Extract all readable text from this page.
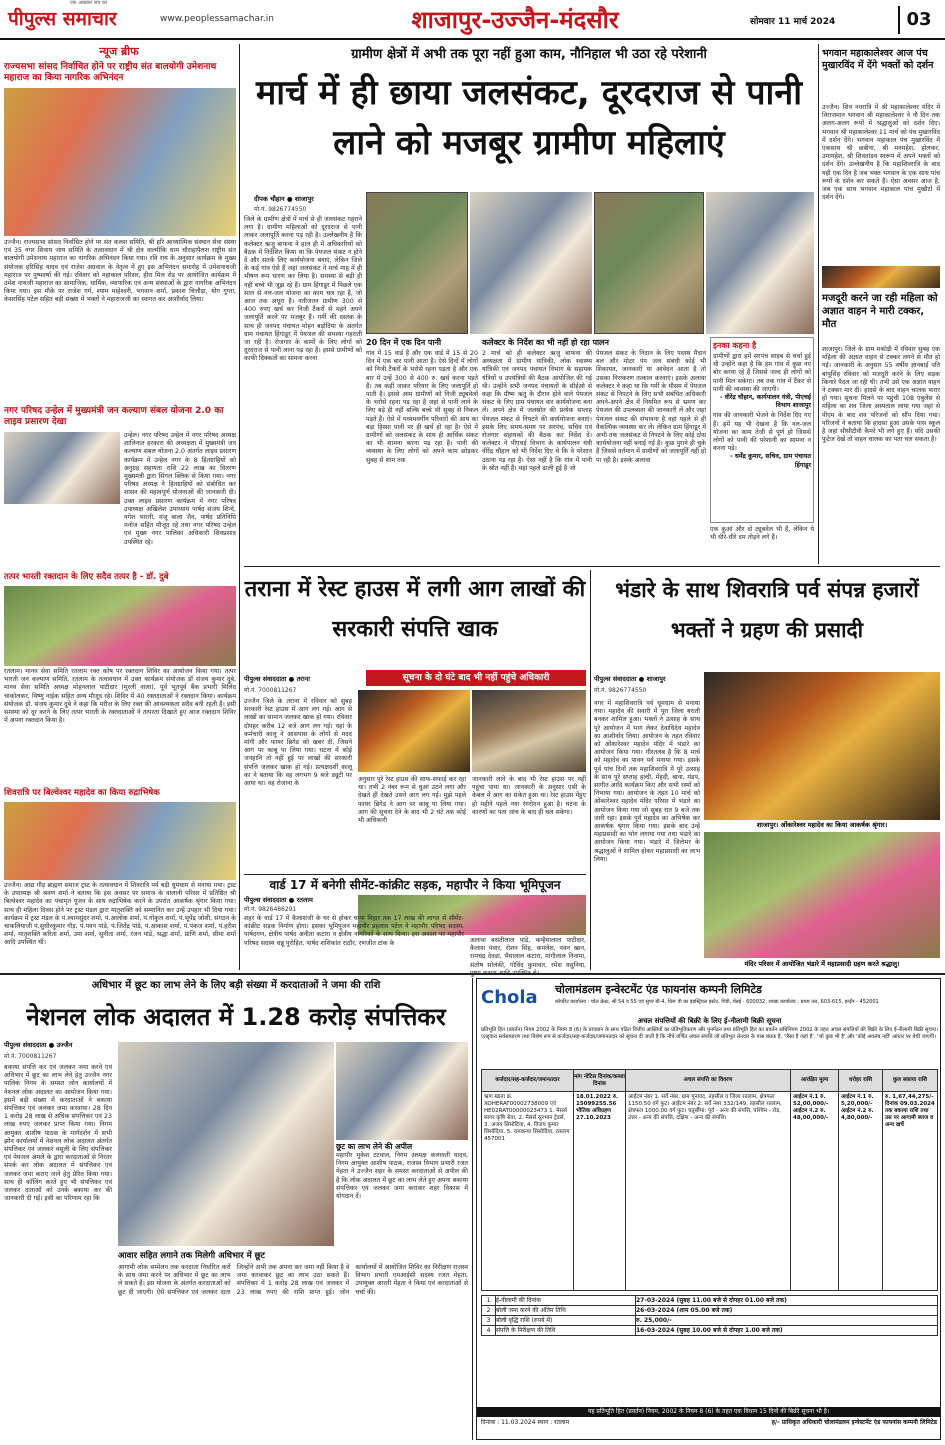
पीपुल्स समाचार
एक अखबार सच का
www.peoplessamachar.in	शाजापुर-उज्जैन-मंदसौर	सोमवार 11 मार्च 2024	03
न्यूज ब्रीफ
राज्यसभा सांसद निर्वाचित होने पर राष्ट्रीय संत बालयोगी उमेशनाथ महाराज का किया नागरिक अभिनंदन
उज्जैन। राज्यसभा सांसद निर्वाचित होने पर संत कलश समिति, श्री हरि आध्यात्मिक संस्थान सेवा संस्था एवं 35 नगर शिवाय जाय समिति के तत्वावधान में श्री क्षेत्र वाल्मीकि धाम चौराहापैलश राष्ट्रीय संत बालयोगी उमेशनाथ महाराज का नागरिक अभिनंदन किया गया। रवि राय के अनुसार कार्यक्रम के मुख्य संयोजक हरिसिंह यादव एवं राजेश अग्रवाल के नेतृत्व में हुए इस अभिनंदन समारोह में उमेशनाथजी महाराज पर पुष्पवर्षा की गई। रविवार को महाकाल परिसर, हीरा मिल रोड पर आयोजित कार्यक्रम में उमेश नाथजी महाराज का सामाजिक, धार्मिक, व्यापारिक एवं अन्य संस्थाओं के द्वारा नागरिक अभिनंदन किया गया। इस मौके पर राजेश गर्ग, श्याम माहेश्वरी, भगवान शर्मा, प्रकाश चित्तौड़ा, योग गुप्ता, केसरसिंह पटेल सहित बड़ी संख्या में भक्तों ने महाराजजी का स्वागत कर आशीर्वाद लिया।
नगर परिषद उन्हेल में मुख्यमंत्री जन कल्याण संबल योजना 2.0 का लाइव प्रसारण देखा
उन्हेल। नगर परिषद उन्हेल में नगर परिषद अध्यक्ष शालिनात हरकारा की अध्यक्षता में मुख्यमंत्री जन कल्याण संबल योजना 2.0 अंतर्गत लाइव प्रसारण कार्यक्रम में उन्हेल नगर के 8 हितग्राहियों को अनुग्रह सहायता राशि 22 लाख का वितरण मुख्यमंत्री द्वारा सिंगल क्लिक से किया गया। नगर परिषद अध्यक्ष ने हितग्राहियों को संबोधित कर शासन की महत्वपूर्ण योजनाओं की जानकारी दी। उक्त लाइव प्रसारण कार्यक्रम में नगर परिषद उपाध्यक्ष अखिलेश उपाध्याय पार्षद संजय शिन्दे, नगेश भारती, मंजू बाला जैन, पार्षद प्रतिनिधि मनोज सहित मौजूद रहे तथा नगर परिषद उन्हेल एवं मुख्य नगर पालिका अधिकारी शिवप्रसाद उपस्थित रहे।
तत्पर भारती रक्तदान के लिए सदैव तत्पर है - डॉ. दुबे
रतलाम। मानव सेवा समिति रतलाम रक्त कोष पर रक्तदान शिविर का आयोजन किया गया। तत्पर भारती जन कल्याण समिति, रतलाम के तत्वावधान में उक्त कार्यक्रम संयोजक डॉ संजय कुमार दुबे, मानव सेवा समिति अध्यक्ष मोहनलाल पाटीदार (मुरली वाला), पूर्व भूतपूर्व बैंक प्रभारी मिलिंद चाकोलकर, विष्णु नाईक सहित अन्य मौजूद रहे। शिविर में 40 रक्तदाताओं ने रक्तदान किया। कार्यक्रम संयोजक डॉ. संजय कुमार दुबे ने कहा कि मरीज के लिए रक्त की आवश्यकता सदैव बनी रहती है। इसी समस्या को दूर करने के लिए तत्पर भारती के रक्तदाताओं ने तत्परता दिखाते हुए आज रक्तदान शिविर में अपना रक्तदान किया है।
शिवरात्रि पर बिल्वेश्वर महादेव का किया रुद्राभिषेक
उज्जैन। आद्य गौड़ ब्राह्मण समाज ट्रस्ट के तत्वावधान में शिवरात्रि पर्व बड़ी धूमधाम से मनाया गया। ट्रस्ट के उपाध्यक्ष श्री श्रवण शर्मा ने बताया कि इस अवसर पर समाज के वालानी परिसर में प्रतिष्ठित श्री बिल्वेश्वर महादेव का पंचामृत पूजन के साथ रुद्राभिषेक करने के उपरांत आकर्षक श्रृंगार किया गया। साथ ही महिला दिवस होने पर ट्रस्ट मंडल द्वारा मातृशक्ति को सम्मानित कर उन्हें उपहार भी दिया गया। कार्यक्रम में ट्रस्ट मंडल के पं.श्यामसुंदर शर्मा, पं.आलोक शर्मा, पं.गोकुल शर्मा, पं.भूपेंद्र जोशी, संगठन के चाकलियाजी पं.सुधीरकुमार गौड़, पं.पवन पांडे, पं.जितेंद्र पांडे, पं.आकाश शर्मा, पं.पंकज शर्मा, पं.हरीश शर्मा, मातृशक्ति करिता शर्मा, उमा शर्मा, सुनीता शर्मा, रंजन पांडे, श्रद्धा शर्मा, प्राणि शर्मा, सीमा शर्मा आदि उपस्थित थीं।
ग्रामीण क्षेत्रों में अभी तक पूरा नहीं हुआ काम, नौनिहाल भी उठा रहे परेशानी
मार्च में ही छाया जलसंकट, दूरदराज से पानी लाने को मजबूर ग्रामीण महिलाएं
दीपक चौहान ● शाजापुर
मो.नं. 9826774550
जिले के ग्रामीण क्षेत्रों में मार्च से ही जलसंकट गहराने लगा है। ग्रामीण महिलाओं को दूरदराज से पानी लाकर जलापूर्ति करना पड़ रही है। उल्लेखनीय है कि कलेक्टर ऋजु बाफना ने हाल ही में अधिकारियों को बैठक में निर्देशित किया था कि पेयजल संकट न होने दें और सतर्क लिए कार्ययोजना बनाएं, लेकिन जिले के कई गांव ऐसे हैं जहां जलसंकट ने मार्च माह में ही भीषण रूप धारण कर लिया है। समस्या से बड़ी ही नहीं बच्चे भी जूझ रहे हैं। ग्राम हिंगाडूर में पिछले एक साल से नल-जल योजना का काम चल रहा है, जो आज तक अधूरा है। नतीजतन ग्रामीण 300 से 400 रुपए खर्च कर निजी टैंकरों से महंगे अपने जलापूर्ति करने पर मजबूर हैं। गर्मी की दस्तक के साथ ही जनपद पंचायत मोहन बड़ोदिया के अंतर्गत ग्राम पंचायत हिंगाडूर में पेयजल की समस्या गहराती जा रही है। रोजगार के कामों के लिए लोगों को दूरदराज से पानी लाना पड़ रहा है। इससे ग्रामीणों को काफी दिक्कतों का सामना करना
20 दिन में एक दिन पानी
गांव में 15 वार्ड हैं और एक वार्ड में 15 से 20 दिन में एक बार पानी आता है। ऐसे दिनों में लोगों को निजी टैंकरों के भरोसे रहना पड़ता है और एक बार में उन्हें 300 से 400 रु. खर्च करना पड़ते हैं। तब कहीं जाकर परिवार के लिए जलापूर्ति हो पाती है। इससे आम ग्रामीणों को निजी ट्यूबवेलों के भरोसे रहना पड़ रहा है जहां से पानी लाने के लिए बड़े ही नहीं बल्कि बच्चे भी सुबह से निकल पड़ते हैं। ऐसे में मध्यमवर्गीय परिवारों की आय का बड़ा हिस्सा पानी पर ही खर्च हो रहा है। ऐसे में ग्रामीणों को जलसंकट के साथ ही आर्थिक संकट का भी सामना करना पड़ रहा है। पानी की व्यवस्था के लिए लोगों को अपने काम छोड़कर सुबह से शाम तक
कलेक्टर के निर्देश का भी नहीं हो रहा पालन
2 मार्च को ही कलेक्टर ऋजु बाफना की अध्यक्षता में ग्रामीण यांत्रिकी, लोक स्वास्थ्य यांत्रिकी एवं जनपद पंचायत विभाग के सहायक यंत्रियों व उपयंत्रियों की बैठक आयोजित की गई थी। उन्होंने सभी जनपद पंचायतों के सीईओ से कहा कि ग्रीष्म ऋतु के दौरान होने वाले पेयजल संकट के लिए ग्राम पंचायत वार कार्ययोजना बना लें। अपने क्षेत्र में जलस्रोत की प्रत्येक सप्ताह पेयजल संकट से निपटने की कार्ययोजना बनाएं। इसके लिए समय-समय पर सरपंच, सचिव एवं रोजगार सहायकों की बैठक कर निर्देश दें। कलेक्टर ने पीएचई विभाग के कार्यपालन यंत्री वीरेंद्र चौहान को भी निर्देश दिए थे कि वे परेशान उठाना पड़ रहा है। ऐसा नहीं है कि गांव में पानी के स्रोत नहीं हैं। यहां पहले ढाली हुई है जो
पेयजल संकट के निदान के लिए पदस्थ मैदान बल और मोटर पंप जल संबंधी कोई भी शिकायत, जानकारी या आवेदन आता है तो उसका निराकरण तत्काल करवाएं। इसके अलावा कलेक्टर ने कहा था कि गर्मी के मौसम में पेयजल संकट से निपटने के लिए सभी संबंधित अधिकारी अपने-अपने क्षेत्र में नियमित रूप से भ्रमण कर पेयजल की उपलब्धता की जानकारी लें और जहां पेयजल संकट की संभावना है वहां पहले से ही वैकल्पिक व्यवस्था कर लें। लेकिन ग्राम हिंगाडूर में अभी तक जलसंकट से निपटने के लिए कोई ठोस कार्ययोजना नहीं बनाई गई है। कुछ पुराने ही चुके हैं जिससे वर्तमान में ग्रामीणों को जलापूर्ति नहीं हो पा रही है। इसके अलावा
इनका कहना है
ग्रामीणों द्वारा हमें सरपंच साहब से चर्चा हुई थी उन्होंने कहा है कि हम गांव में कुछ नए बोर करवा रहे हैं जिससे जल्द ही लोगों को पानी मिल सकेगा। तब तक गांव में टैंकर से पानी की व्यवस्था की जाएगी।
- वीरेंद्र चौहान, कार्यपालन यंत्री, पीएचई विभाग शाजापुर
गांव की जानकारी भेजने के निर्देश दिए गए हैं। हमें यह भी देखना है कि नल-जल योजना का काम तेजी से पूर्ण हो जिससे लोगों को पानी की परेशानी का सामना न करना पड़े।
- धर्मेंद्र कुमार, सचिव, ग्राम पंचायत हिंगाडूर
एक कुआं और दो ट्यूबवेल भी हैं, लेकिन ये भी धीरे-धीरे दम तोड़ने लगे हैं।
भगवान महाकालेश्वर आज पंच मुखारविंद में देंगे भक्तों को दर्शन
उज्जैन। शिव नवरात्रि में श्री महाकालेश्वर मंदिर में विराजमान भगवान श्री महाकालेश्वर ने नौ दिन तक अलग-अलग रूपों में श्रद्धालुओं को दर्शन दिए। भगवान श्री महाकालेश्वर 11 मार्च को पंच मुखारविंद में दर्शन देंगे। भगवान महाकाल पंच मुखारविंद में एकसाथ श्री छबीना, श्री मनमहेश, होलकर, उमामहेश, श्री शिवतांडव स्वरूप में अपने भक्तों को दर्शन देंगे। उल्लेखनीय है कि महाशिवरात्रि के बाद यही एक दिन है जब भक्त भगवान के एक साथ पांच रूपों के दर्शन कर सकते हैं। ऐसा अवसर आज है, जब एक साथ भगवान महाकाल पांच मुखौटों में दर्शन देंगे।
मजदूरी करने जा रही महिला को अज्ञात वाहन ने मारी टक्कर, मौत
शाजापुर। जिले के ग्राम मकोड़ी में रविवार सुबह एक महिला की अज्ञात वाहन से टक्कर लगने से मौत हो गई। जानकारी के अनुसार 55 वर्षीय ज्ञानबाई पति बापूसिंह रविवार को मजदूरी करने के लिए सड़क किनारे पैदल जा रही थी। तभी उसे एक अज्ञात वाहन ने टक्कर मार दी। हादसे के बाद वाहन चालक फरार हो गया। सूचना मिलने पर पहुंची 108 एंबुलेंस से महिला का शव जिला अस्पताल लाया गया जहां से पीएम के बाद शव परिजनों को सौंप दिया गया। परिजनों ने बताया कि हादसा हुआ उसके पास स्कूल है जहां सीसीटीवी कैमरे भी लगे हुए हैं। यदि उसकी फुटेज देखें तो वाहन चालक का पता चल सकता है।
तराना में रेस्ट हाउस में लगी आग लाखों की सरकारी संपत्ति खाक
पीपुल्स संवाददाता ● तराना
मो.नं. 7000811267
सूचना के दो घंटे बाद भी नहीं पहुंचे अधिकारी
उज्जैन जिले के तराना में रविवार को सुबह सरकारी रेस्ट हाउस में आग लग गई। आग से लाखों का सामान जलकर खाक हो गया। रविवार दोपहर करीब 12 बजे आग लग गई। वहां के कर्मचारी कालू ने आसपास के लोगों से मदद मांगी और फायर ब्रिगेड को खबर दी, जिसने आग पर काबू पा लिया गया। घटना में कोई जनहानि तो नहीं हुई पर लाखों की सरकारी संपत्ति जलकर खाक हो गई। प्रत्यक्षदर्शी कालू का ने बताया कि वह लगभग 9 बजे ड्यूटी पर आया था। वह रोजाना के
अनुसार पूरे रेस्ट हाउस की साफ-सफाई कर रहा था। तभी 2 नंबर रूम से धुआं उठने लगा और देखते ही देखते उसने आग लग गई। मुझे पहले फायर ब्रिगेड ने आग पर काबू पा लिया गया। आग की सूचना देने के बाद भी 2 घंटे तक कोई भी अधिकारी
जानकारी लाने के बाद भी रेस्ट हाउस पर नहीं पहुंचा पाया था। जानकारी के अनुसार एसी के केबल में आग का संकेत हुआ था। रेस्ट हाउस मेंहुए हो महीने पहले नया रंगरोगन हुआ है। घटना के कारणों का पता जांच के बाद ही चल सकेगा।
वार्ड 17 में बनेगी सीमेंट-कांक्रीट सड़क, महापौर ने किया भूमिपूजन
पीपुल्स संवाददाता ● रतलाम
मो.नं. 9826486291
शहर के वार्ड 17 में कैलाशजी के घर से होकर चम्पा विहार तक 17 लाख की लागत से सीमेंट-कांक्रीट सड़क निर्माण होगा। इसका भूमिपूजन महापौर प्रहलाद पटेल ने महापौर परिषद सदस्य, पार्षदगण, क्षेत्रीय पार्षद अनीता कटारा व क्षेत्रीय नागरिकों के साथ किया। इस अवसर पर महापौर परिषद सदस्य धन्नू पुरोहित, पार्षद शशिकांत राठौर, रणजीत टांक के	अलावा बसंतीलाल पांडे, कन्हैयालाल पाटीदार, कैलाश पंवार, रोशन सिंह, कमलेश, पवन खान, रामचंद्र देवडा, भैयालाल कटारा, मांगीलाल निनामा, संतोष सोलंकी, गोविंद कुमावत, रमेश वसुनिया,
भंडारे के साथ शिवरात्रि पर्व संपन्न हजारों भक्तों ने ग्रहण की प्रसादी
पीपुल्स संवाददाता ● शाजापुर
मो.नं. 9826774550
नगर में महाशिवरात्रि पर्व धूमधाम से मनाया गया। महादेव की सवारी में पूरा जिला बराती बनकर शामिल हुआ। भक्तों ने उत्साह के साथ पूरे आयोजन में भाग लेकर देवाधिदेव महादेव का आशीर्वाद लिया। आयोजन के तहत रविवार को ओंकारेश्वर महादेव मंदिर में भंडारे का आयोजन किया गया। गौरतलब है कि 8 मार्च को महादेव का पावन पर्व मनाया गया। इसके पूर्व पांच दिनों तक महाशिवरात्रि में पूरे उत्साह के साथ पूरे सप्ताह हल्दी, मेंहदी, बाना, मंडप, सागीत आदि कार्यक्रम किए और सभी रस्मों को निभाया गया। आयोजन के तहत 10 मार्च को ओंकारेश्वर महादेव मंदिर परिसर में भंडारे का आयोजन किया गया जो सुबह रात 9 बजे तक जारी रहा। इसके पूर्व महादेव का अभिषेक कर आकर्षक श्रृंगार किया गया। इसके बाद उन्हें महाप्रसादी का भोग लगाया गया तथा भंडारे का आयोजन किया गया। भंडारे में जिलेभर के श्रद्धालुओं ने शामिल होकर महाप्रसादी का लाभ लिया।
शाजापुर। ओंकारेश्वर महादेव का किया आकर्षक श्रृंगार।
मंदिर परिसर में आयोजित भंडारे में महाप्रसादी ग्रहण करते श्रद्धालु।
अधिभार में छूट का लाभ लेने के लिए बड़ी संख्या में करदाताओं ने जमा की राशि
नेशनल लोक अदालत में 1.28 करोड़ संपत्तिकर
पीपुल्स संवाददाता ● उज्जैन
मो.नं. 7000811267
बकाया संपत्ति कर एवं जलकर जमा करने एवं अधिभार में छूट का लाभ लेने हेतु उज्जैन नगर पालिक निगम के समस्त जोन कार्यालयों में नेशनल लोक अदालत का आयोजन किया गया। इसमें बड़ी संख्या में करदाताओं ने बकाया संपत्तिकर एवं जलकर जमा करवाया। 28 दिन 1 करोड़ 28 लाख से अधिक संपत्तिकर एवं 23 लाख रुपए जलकर प्राप्त किया गया। निगम आयुक्त आशीष पाठक के मार्गदर्शन में सभी झोन कार्यालयों में नेशनल लोक अदालत अंतर्गत संपत्तिकर एवं जलकर वसूली के लिए संपत्तिकर एवं पेयजल अमले के द्वारा करदाताओं से निरंतर संपर्क कर लोक अदालत में संपत्तिकर एवं जलकर जमा कराए जाने हेतु प्रेरित किया गया। साथ ही कॉलिंग करते हुए भी संपत्तिकर एवं जलकर दाताओं को उनके बकाया कर की जानकारी दी गई। इसी का परिणाम रहा कि
छूट का लाभ लेने की अपील
महापौर मुकेश टटवाल, निगम अध्यक्ष कलावती यादव, निगम आयुक्त आशीष पाठक, राजस्व विभाग प्रभारी रजत मेहता ने उज्जैन शहर के समस्त करदाताओं से अपील की है कि लोक अदालत में छूट का लाभ लेते हुए अपना बकाया संपत्तिकर एवं जलकर जमा कराकर शहर विकास में योगदान दें।
आवार सहित लगाने तक मिलेगी अधिभार में छूट
आगामी लोक सम्मेलन तक करदाता निर्धारित करों के साथ जमा करने पर अधिभार में छूट का लाभ ले सकते हैं। इस योजना के अंतर्गत करदाताओं को छूट दी जाएगी। ऐसे संपत्तिकर एवं जलकर दाता जिन्होंने अभी तक अपना कर जमा नहीं किया है वे जमा करवाकर छूट का लाभ उठा सकते हैं। संपत्तिकर में 1 करोड़ 28 लाख एवं जलकर में 23 लाख रुपए की राशि प्राप्त हुई। जोन कार्यालयों में आयोजित शिविर का निरीक्षण राजस्व विभाग प्रभारी एमआईसी सदस्य रजत मेहता, उपायुक्त आरती मेहता ने किया एवं करदाताओं से चर्चा की।
Chola	चोलामंडलम इन्वेस्टमेंट एंड फायनांस कम्पनी लिमिटेड
कॉर्पोरेट कार्यालय : चोल क्रेस्ट, सी 54 व 55 एवं सुपर बी-4, थिरू वी का इंडस्ट्रियल इस्टेट, गिंडी, चेन्नई - 600032, शाखा कार्यालय : प्रथम तल, 603-615, इन्दौर - 452001
अचल संपत्तियों की बिक्री के लिए ई-नीलामी बिक्री सूचना
प्रतिभूति हित (प्रवर्तन) नियम 2002 के नियम 8 (6) के प्रावधान के साथ पठित वित्तीय आस्तियों का प्रतिभूतिकरण और पुनर्गठन तथा प्रतिभूति हित का प्रवर्तन अधिनियम 2002 के तहत अचल संपत्तियों की बिक्री के लिए ई-नीलामी बिक्री सूचना। एतद्द्वारा सर्वसाधारण तथा विशेष रूप से कर्जदार/सह-कर्जदार/जमानतदार को सूचना दी जाती है कि नीचे वर्णित अचल संपत्ति जो प्रतिभूत लेनदार के पास बंधक है, 'जैसा है जहां है', 'जो कुछ भी है' और 'कोई अवलंब नहीं' आधार पर बेची जाएगी।
कर्जदार/सह-कर्जदार/जमानतदार	मांग नोटिस दिनांक/कब्जा दिनांक	अचल संपत्ति का विवरण	आरक्षित मूल्य	धरोहर राशि	कुल बकाया राशि
ऋण खाता क्र. XOHERAT00002738009 एवं HE02RAT00000023473 1. मेसर्स सागर कृषि सेवा, 2. मैसर्स सुरभान ट्रेडर्स, 3. अजय सिसोदिया, 4. विजय कुमार सिसोदिया, 5. रामकन्या सिसोदिया, रतलाम 457001	18.01.2022 रु. 15099255.56 भौतिक अधिग्रहण 27.10.2023	आईटम नंबर 1. सर्वे नंबर, ग्राम गुनावद, तहसील व जिला रतलाम, क्षेत्रफल 1150.50 वर्ग फुट। आईटम नंबर 2. सर्वे नंबर 332/149, तहसील रतलाम, क्षेत्रफल 1000.00 वर्ग फुट। चतुर्सीमा: पूर्व - अन्य की संपत्ति, पश्चिम - रोड, उत्तर - अन्य की संपत्ति, दक्षिण - अन्य की संपत्ति।	आईटम नं.1 रु. 52,00,000/- आईटम नं.2 रु. 48,00,000/-	आईटम नं.1 रु. 5,20,000/- आईटम नं.2 रु. 4,80,000/-	रु. 1,67,44,275/- दिनांक 09.03.2024 तक बकाया राशि तथा उस पर आगामी ब्याज व अन्य खर्चे
1	ई-नीलामी की दिनांक	27-03-2024 (सुबह 11.00 बजे से दोपहर 01.00 बजे तक)
2	बोली जमा करने की अंतिम तिथि	26-03-2024 (शाम 05.00 बजे तक)
3	बोली वृद्धि राशि (रुपये में)	रु. 25,000/-
4	संपत्ति के निरीक्षण की तिथि	16-03-2024 (सुबह 10.00 बजे से दोपहर 1.00 बजे तक)
यह प्रतिभूति हित (प्रवर्तन) नियम, 2002 के नियम 8 (6) के तहत एक विधान 15 दिनों की बिक्री सूचना भी है।
दिनांक : 11.03.2024 स्थान : रतलाम	ह/- प्राधिकृत अधिकारी चोलामंडलम इन्वेस्टमेंट एंड फायनांस कम्पनी लिमिटेड
